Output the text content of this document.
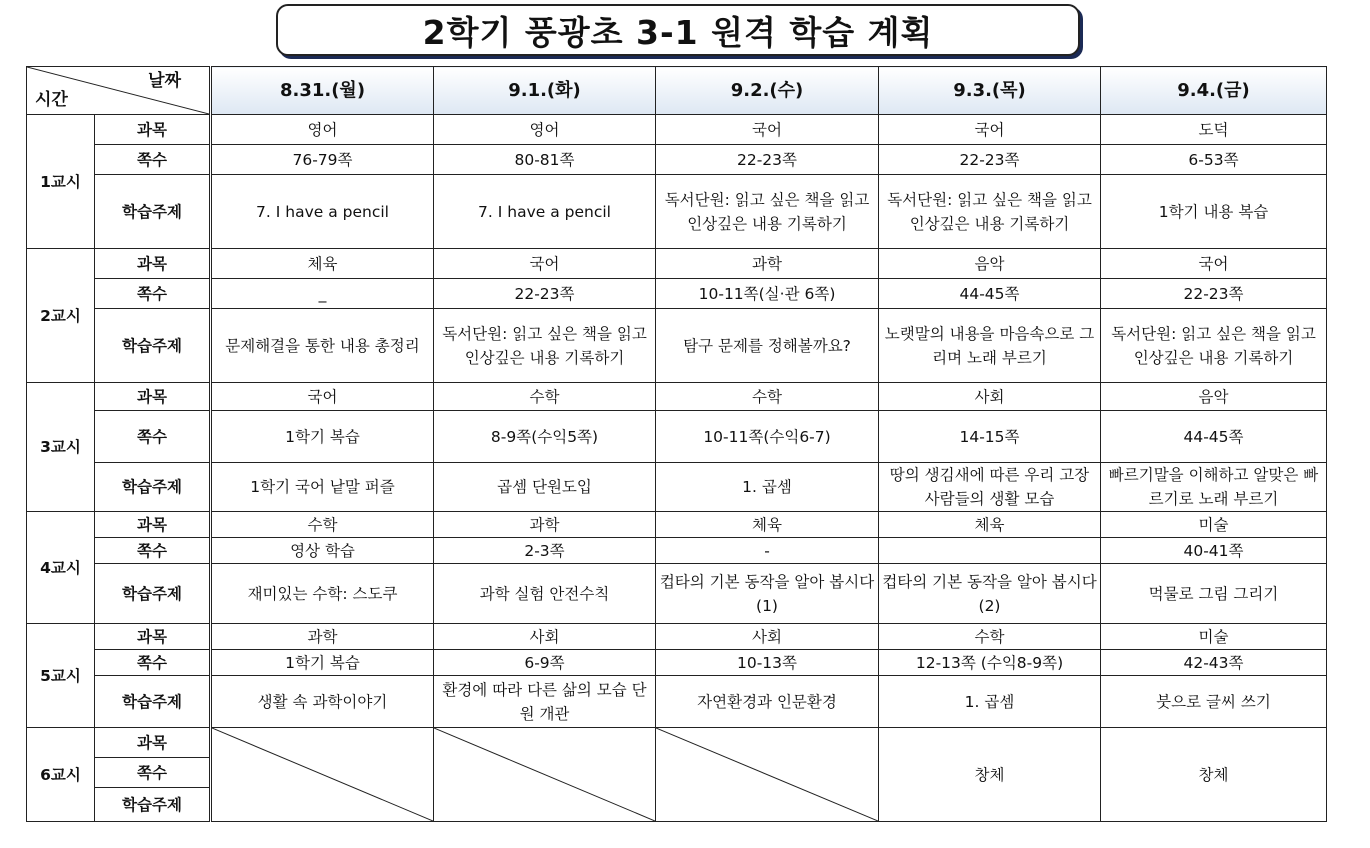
2학기 풍광초 3-1 원격 학습 계획
날짜
시간		8.31.(월)	9.1.(화)	9.2.(수)	9.3.(목)	9.4.(금)
1교시	과목	영어	영어	국어	국어	도덕
	쪽수	76-79쪽	80-81쪽	22-23쪽	22-23쪽	6-53쪽
	학습주제	7. I have a pencil	7. I have a pencil	독서단원: 읽고 싶은 책을 읽고 인상깊은 내용 기록하기	독서단원: 읽고 싶은 책을 읽고 인상깊은 내용 기록하기	1학기 내용 복습
2교시	과목	체육	국어	과학	음악	국어
	쪽수	_	22-23쪽	10-11쪽(실·관 6쪽)	44-45쪽	22-23쪽
	학습주제	문제해결을 통한 내용 총정리	독서단원: 읽고 싶은 책을 읽고 인상깊은 내용 기록하기	탐구 문제를 정해볼까요?	노랫말의 내용을 마음속으로 그리며 노래 부르기	독서단원: 읽고 싶은 책을 읽고 인상깊은 내용 기록하기
3교시	과목	국어	수학	수학	사회	음악
	쪽수	1학기 복습	8-9쪽(수익5쪽)	10-11쪽(수익6-7)	14-15쪽	44-45쪽
	학습주제	1학기 국어 낱말 퍼즐	곱셈 단원도입	1. 곱셈	땅의 생김새에 따른 우리 고장 사람들의 생활 모습	빠르기말을 이해하고 알맞은 빠르기로 노래 부르기
4교시	과목	수학	과학	체육	체육	미술
	쪽수	영상 학습	2-3쪽	-		40-41쪽
	학습주제	재미있는 수학: 스도쿠	과학 실험 안전수칙	컵타의 기본 동작을 알아 봅시다 (1)	컵타의 기본 동작을 알아 봅시다 (2)	먹물로 그림 그리기
5교시	과목	과학	사회	사회	수학	미술
	쪽수	1학기 복습	6-9쪽	10-13쪽	12-13쪽 (수익8-9쪽)	42-43쪽
	학습주제	생활 속 과학이야기	환경에 따라 다른 삶의 모습 단원 개관	자연환경과 인문환경	1. 곱셈	붓으로 글씨 쓰기
6교시	과목				창체	창체
	쪽수					
	학습주제					
